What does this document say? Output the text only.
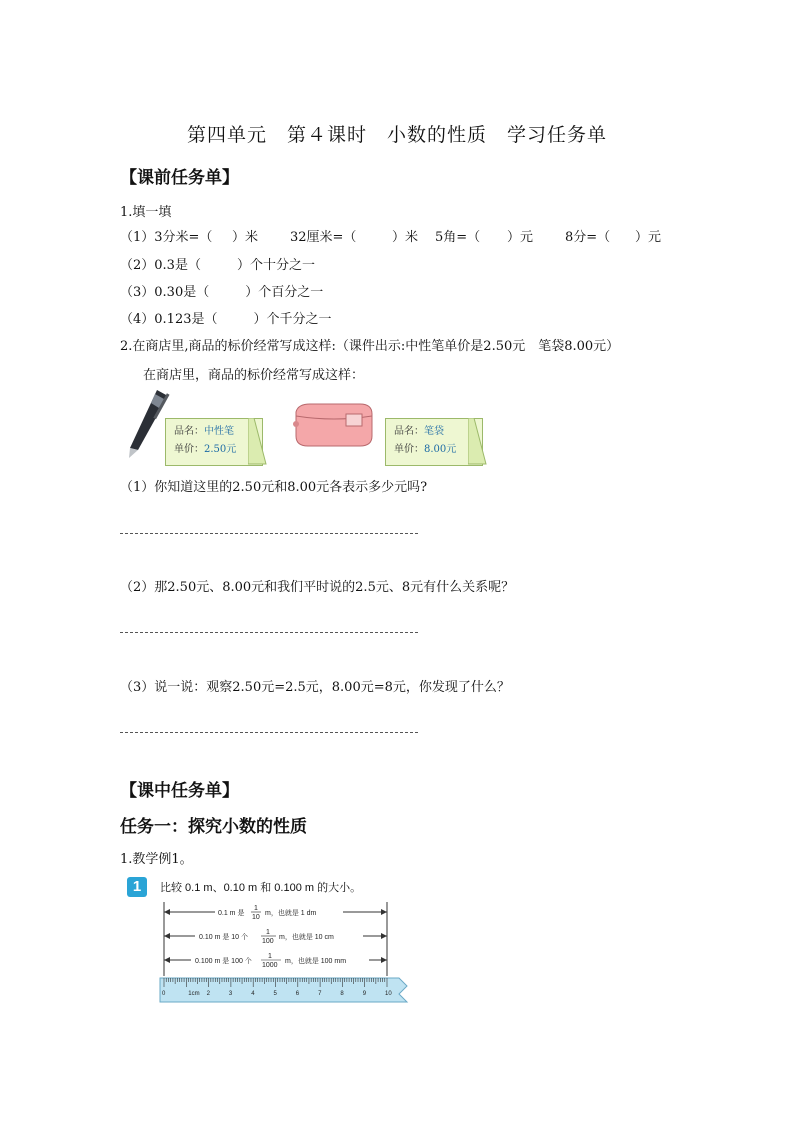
第四单元　第４课时　小数的性质　学习任务单
【课前任务单】
1.填一填
（1）3分米=（ ）米 32厘米=（	）米 5角=（ ）元 8分=（ ）元
（2）0.3是（	）个十分之一
（3）0.30是（	）个百分之一
（4）0.123是（	）个千分之一
2.在商店里,商品的标价经常写成这样:（课件出示:中性笔单价是2.50元　笔袋8.00元）
在商店里，商品的标价经常写成这样：
品名：中性笔
单价：2.50元
品名：笔袋
单价：8.00元
（1）你知道这里的2.50元和8.00元各表示多少元吗?
（2）那2.50元、8.00元和我们平时说的2.5元、8元有什么关系呢？
（3）说一说：观察2.50元=2.5元，8.00元=8元，你发现了什么？
【课中任务单】
任务一：探究小数的性质
1.教学例1。
1	比较 0.1 m、0.10 m 和 0.100 m 的大小。
0.1 m 是
1
10
m，也就是 1 dm
0.10 m 是 10 个
1
100
m，也就是 10 cm
0.100 m 是 100 个
1
1000
m，也就是 100 mm
0	1cm 2	3	4	5	6	7	8	9	10
